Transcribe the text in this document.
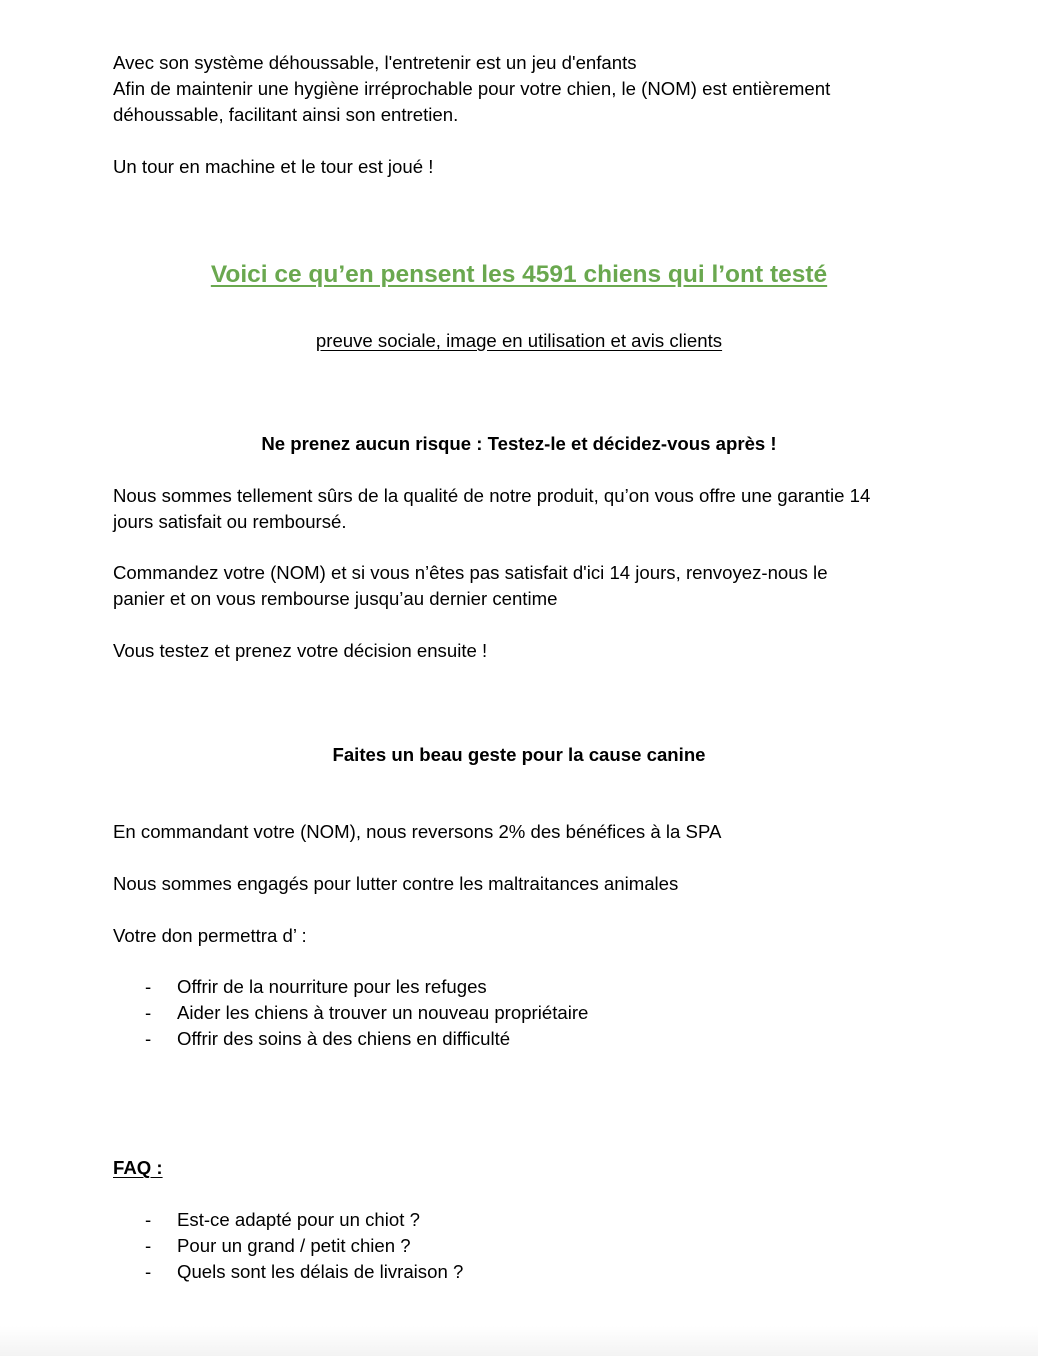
Avec son système déhoussable, l'entretenir est un jeu d'enfants
Afin de maintenir une hygiène irréprochable pour votre chien, le (NOM) est entièrement
déhoussable, facilitant ainsi son entretien.
Un tour en machine et le tour est joué !
Voici ce qu’en pensent les 4591 chiens qui l’ont testé
preuve sociale, image en utilisation et avis clients
Ne prenez aucun risque : Testez-le et décidez-vous après !
Nous sommes tellement sûrs de la qualité de notre produit, qu’on vous offre une garantie 14
jours satisfait ou remboursé.
Commandez votre (NOM) et si vous n’êtes pas satisfait d'ici 14 jours, renvoyez-nous le
panier et on vous rembourse jusqu’au dernier centime
Vous testez et prenez votre décision ensuite !
Faites un beau geste pour la cause canine
En commandant votre (NOM), nous reversons 2% des bénéfices à la SPA
Nous sommes engagés pour lutter contre les maltraitances animales
Votre don permettra d’ :
- Offrir de la nourriture pour les refuges
- Aider les chiens à trouver un nouveau propriétaire
- Offrir des soins à des chiens en difficulté
FAQ :
- Est-ce adapté pour un chiot ?
- Pour un grand / petit chien ?
- Quels sont les délais de livraison ?
